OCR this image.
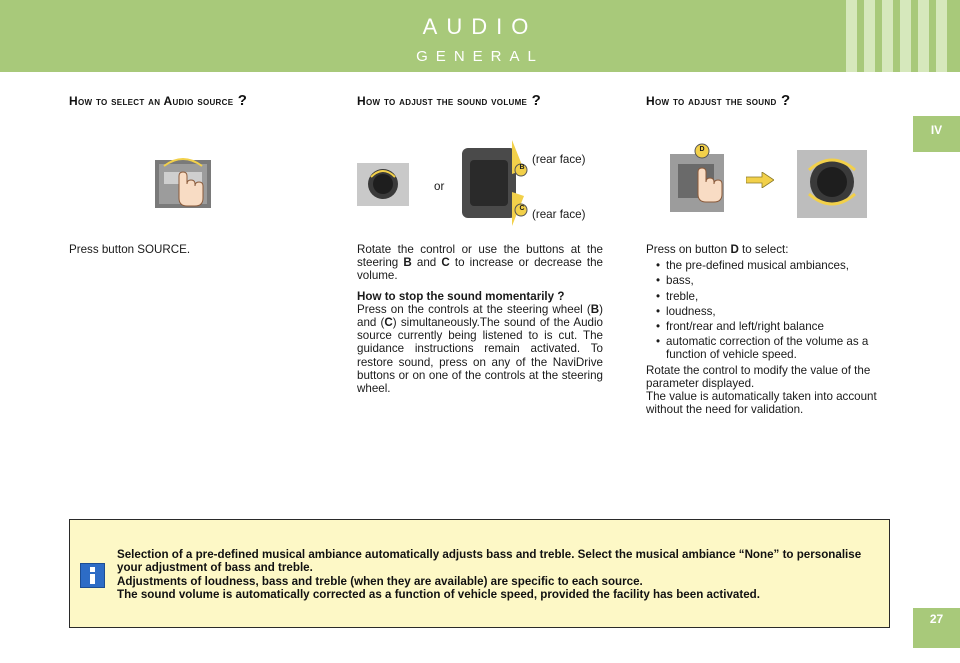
AUDIO
GENERAL
IV
27
How to select an Audio source ?
Press button SOURCE.
How to adjust the sound volume ?
or
B
C
(rear face)
(rear face)
Rotate the control or use the buttons at the steering B and C to increase or decrease the volume.
How to stop the sound momentarily ?
Press on the controls at the steering wheel (B) and (C) simultaneously.The sound of the Audio source currently being listened to is cut. The guidance instructions remain activated. To restore sound, press on any of the NaviDrive buttons or on one of the controls at the steering wheel.
How to adjust the sound ?
D
Press on button D to select:
• the pre-defined musical ambiances,
• bass,
• treble,
• loudness,
• front/rear and left/right balance
• automatic correction of the volume as a function of vehicle speed.
Rotate the control to modify the value of the parameter displayed.
The value is automatically taken into account without the need for validation.

Selection of a pre-defined musical ambiance automatically adjusts bass and treble. Select the musical ambiance “None” to personalise your adjustment of bass and treble.

Adjustments of loudness, bass and treble (when they are available) are specific to each source.

The sound volume is automatically corrected as a function of vehicle speed, provided the facility has been activated.
